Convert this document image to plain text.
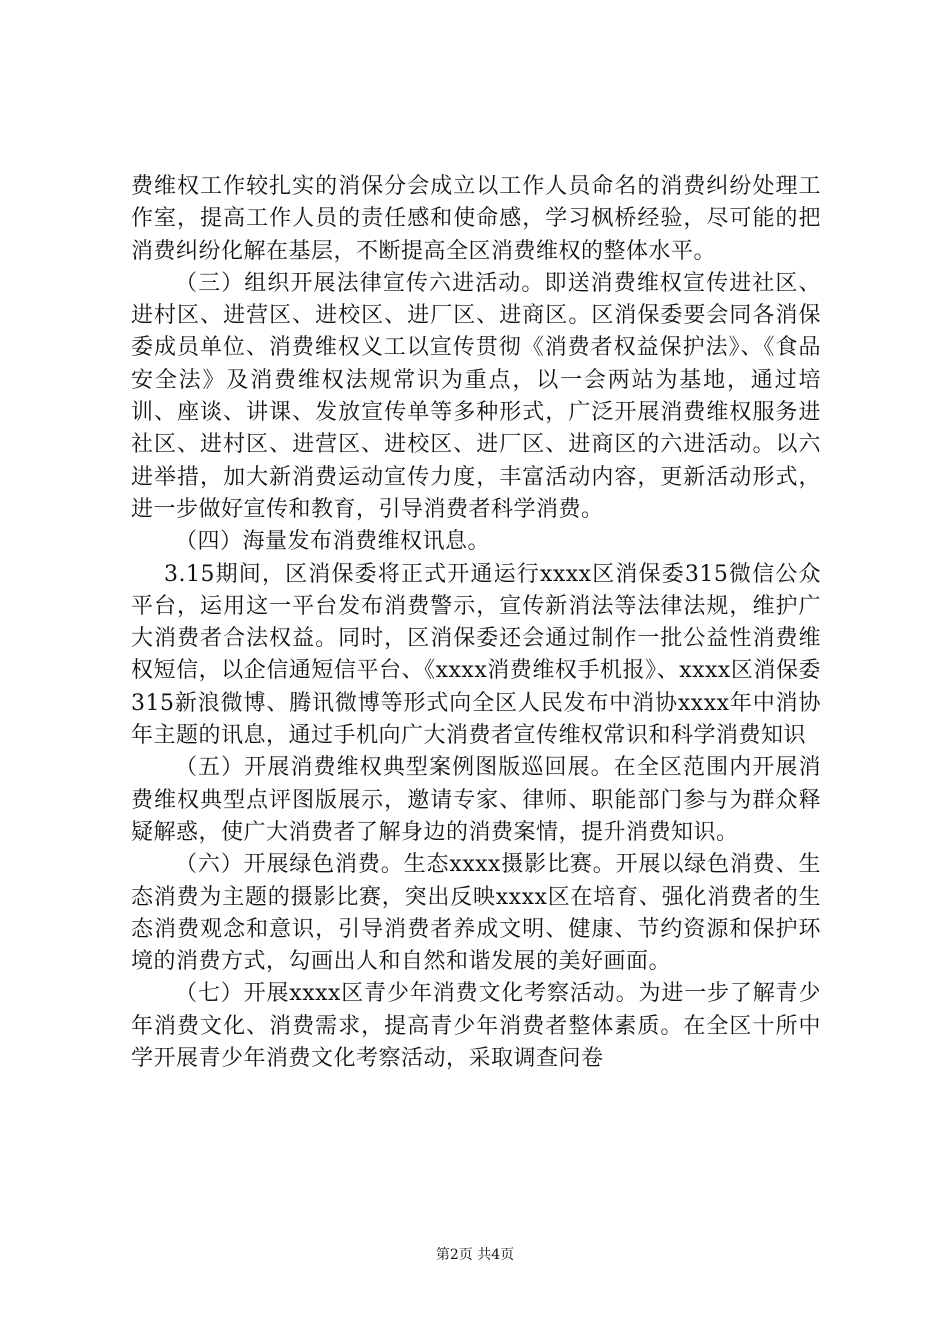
费维权工作较扎实的消保分会成立以工作人员命名的消费纠纷处理工作室，提高工作人员的责任感和使命感，学习枫桥经验，尽可能的把消费纠纷化解在基层，不断提高全区消费维权的整体水平。

（三）组织开展法律宣传六进活动。即送消费维权宣传进社区、进村区、进营区、进校区、进厂区、进商区。区消保委要会同各消保委成员单位、消费维权义工以宣传贯彻《消费者权益保护法》、《食品安全法》及消费维权法规常识为重点，以一会两站为基地，通过培训、座谈、讲课、发放宣传单等多种形式，广泛开展消费维权服务进社区、进村区、进营区、进校区、进厂区、进商区的六进活动。以六进举措，加大新消费运动宣传力度，丰富活动内容，更新活动形式，进一步做好宣传和教育，引导消费者科学消费。

（四）海量发布消费维权讯息。

3.15期间，区消保委将正式开通运行xxxx区消保委315微信公众平台，运用这一平台发布消费警示，宣传新消法等法律法规，维护广大消费者合法权益。同时，区消保委还会通过制作一批公益性消费维权短信，以企信通短信平台、《xxxx消费维权手机报》、xxxx区消保委315新浪微博、腾讯微博等形式向全区人民发布中消协xxxx年中消协年主题的讯息，通过手机向广大消费者宣传维权常识和科学消费知识

（五）开展消费维权典型案例图版巡回展。在全区范围内开展消费维权典型点评图版展示，邀请专家、律师、职能部门参与为群众释疑解惑，使广大消费者了解身边的消费案情，提升消费知识。

（六）开展绿色消费。生态xxxx摄影比赛。开展以绿色消费、生态消费为主题的摄影比赛，突出反映xxxx区在培育、强化消费者的生态消费观念和意识，引导消费者养成文明、健康、节约资源和保护环境的消费方式，勾画出人和自然和谐发展的美好画面。

（七）开展xxxx区青少年消费文化考察活动。为进一步了解青少年消费文化、消费需求，提高青少年消费者整体素质。在全区十所中学开展青少年消费文化考察活动，采取调查问卷

第2页 共4页
